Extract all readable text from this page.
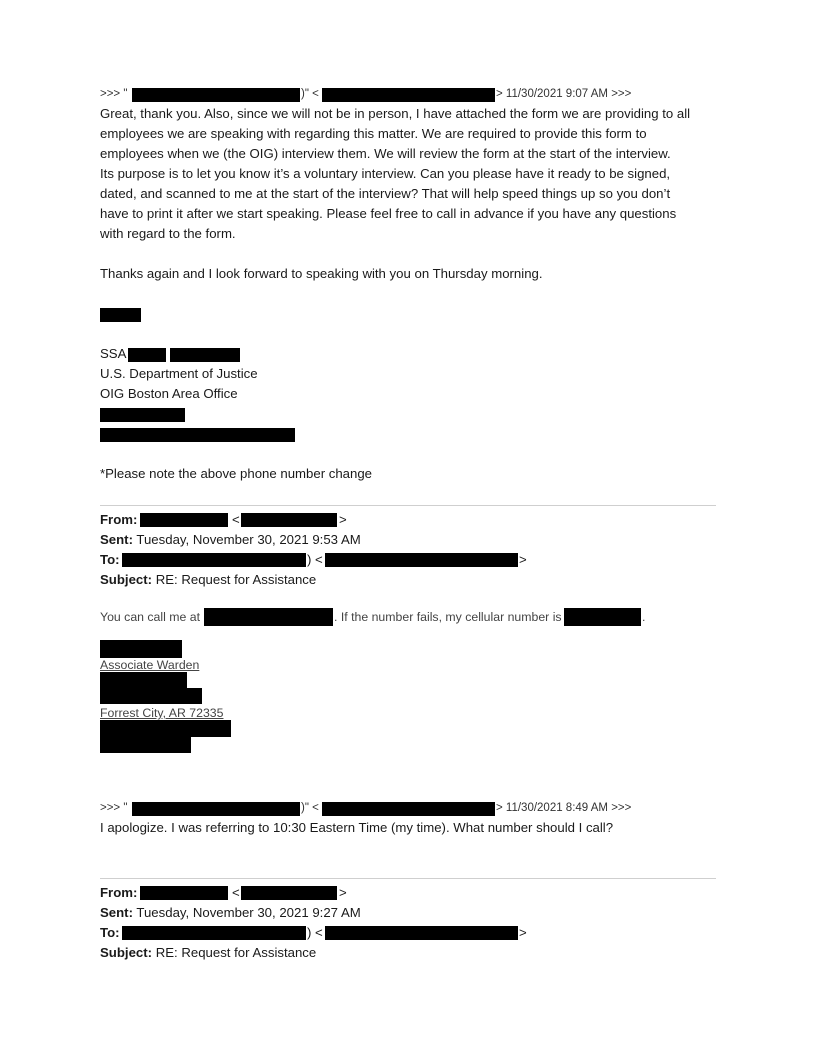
>>> "	)" <	> 11/30/2021 9:07 AM >>>
Great, thank you. Also, since we will not be in person, I have attached the form we are providing to all
employees we are speaking with regarding this matter. We are required to provide this form to
employees when we (the OIG) interview them. We will review the form at the start of the interview.
Its purpose is to let you know it’s a voluntary interview. Can you please have it ready to be signed,
dated, and scanned to me at the start of the interview? That will help speed things up so you don’t
have to print it after we start speaking. Please feel free to call in advance if you have any questions
with regard to the form.
Thanks again and I look forward to speaking with you on Thursday morning.
SSA
U.S. Department of Justice
OIG Boston Area Office
*Please note the above phone number change
From:	<	>
Sent: Tuesday, November 30, 2021 9:53 AM
To:	) <	>
Subject: RE: Request for Assistance
You can call me at	. If the number fails, my cellular number is	.
Associate Warden
Forrest City, AR 72335
>>> "	)" <	> 11/30/2021 8:49 AM >>>
I apologize. I was referring to 10:30 Eastern Time (my time). What number should I call?
From:	<	>
Sent: Tuesday, November 30, 2021 9:27 AM
To:	) <	>
Subject: RE: Request for Assistance
